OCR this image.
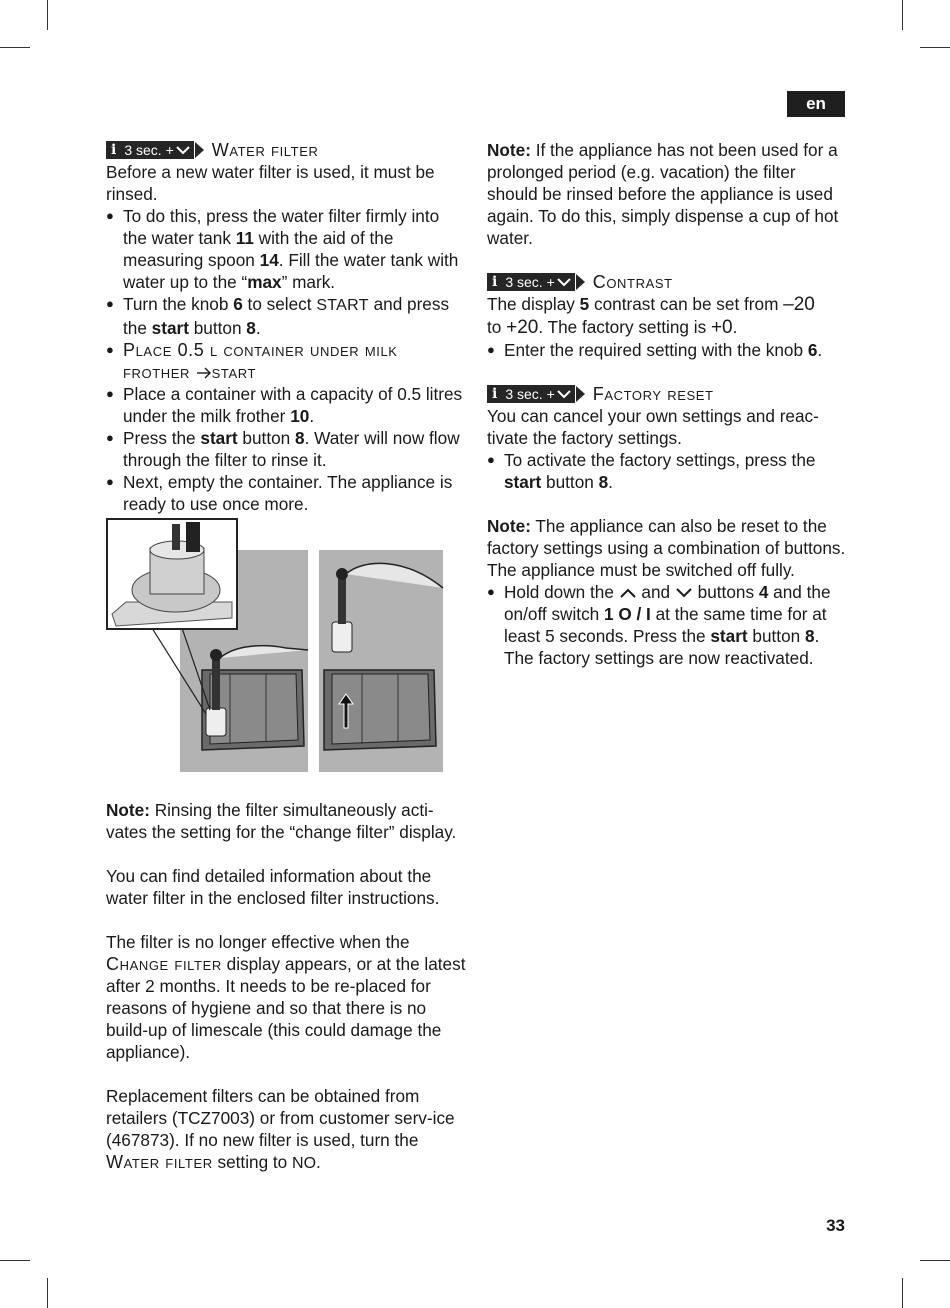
en
i 3 sec. + Water filter

Before a new water filter is used, it must be rinsed.

● To do this, press the water filter firmly into the water tank 11 with the aid of the measuring spoon 14. Fill the water tank with water up to the “max” mark.
● Turn the knob 6 to select START and press the start button 8.
● Place 0.5 l container under milk frother start
● Place a container with a capacity of 0.5 litres under the milk frother 10.
● Press the start button 8. Water will now flow through the filter to rinse it.
● Next, empty the container. The appliance is ready to use once more.

Note: Rinsing the filter simultaneously acti-vates the setting for the “change filter” display.

You can find detailed information about the water filter in the enclosed filter instructions.

The filter is no longer effective when the Change filter display appears, or at the latest after 2 months. It needs to be re-placed for reasons of hygiene and so that there is no build-up of limescale (this could damage the appliance).

Replacement filters can be obtained from retailers (TCZ7003) or from customer serv-ice (467873). If no new filter is used, turn the Water filter setting to NO.

Note: If the appliance has not been used for a prolonged period (e.g. vacation) the filter should be rinsed before the appliance is used again. To do this, simply dispense a cup of hot water.

i 3 sec. + Contrast

The display 5 contrast can be set from –20
to +20. The factory setting is +0.

● Enter the required setting with the knob 6.
i 3 sec. + Factory reset

You can cancel your own settings and reac-tivate the factory settings.

● To activate the factory settings, press the start button 8.

Note: The appliance can also be reset to the factory settings using a combination of buttons. The appliance must be switched off fully.

● Hold down the  and  buttons 4 and the on/off switch 1 O / I at the same time for at least 5 seconds. Press the start button 8. The factory settings are now reactivated.
33
